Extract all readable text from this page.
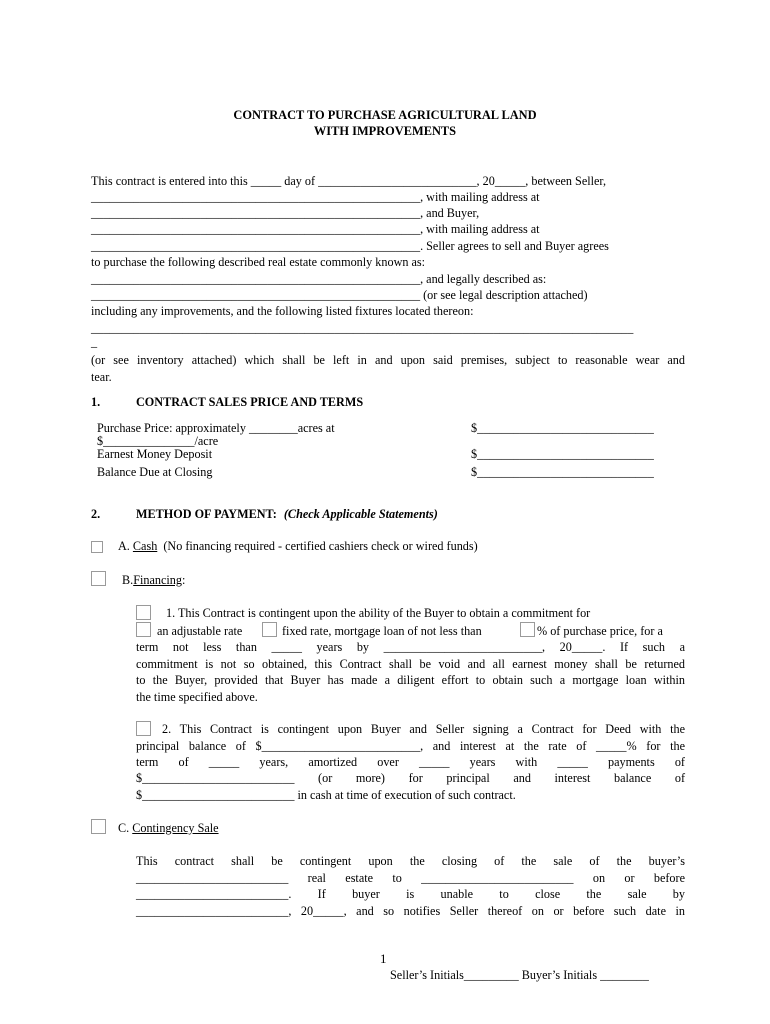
CONTRACT TO PURCHASE AGRICULTURAL LAND
WITH IMPROVEMENTS
This contract is entered into this _____ day of __________________________, 20_____, between Seller,
______________________________________________________, with mailing address at
______________________________________________________, and Buyer,
______________________________________________________, with mailing address at
______________________________________________________. Seller agrees to sell and Buyer agrees
to purchase the following described real estate commonly known as:
______________________________________________________, and legally described as:
______________________________________________________ (or see legal description attached)
including any improvements, and the following listed fixtures located thereon:
_________________________________________________________________________________________
_
(or see inventory attached) which shall be left in and upon said premises, subject to reasonable wear and
tear.
1.	CONTRACT SALES PRICE AND TERMS
Purchase Price: approximately ________acres at	$_____________________________
$_______________/acre
Earnest Money Deposit	$_____________________________
Balance Due at Closing	$_____________________________
2.	METHOD OF PAYMENT: (Check Applicable Statements)
A. Cash (No financing required - certified cashiers check or wired funds)
B.Financing:
1. This Contract is contingent upon the ability of the Buyer to obtain a commitment for
an adjustable rate	fixed rate, mortgage loan of not less than	% of purchase price, for a
term not less than _____ years by __________________________, 20_____. If such a
commitment is not so obtained, this Contract shall be void and all earnest money shall be returned
to the Buyer, provided that Buyer has made a diligent effort to obtain such a mortgage loan within
the time specified above.
2. This Contract is contingent upon Buyer and Seller signing a Contract for Deed with the
principal balance of $__________________________, and interest at the rate of _____% for the
term of _____ years, amortized over _____ years with _____ payments of
$_________________________ (or more) for principal and interest balance of
$_________________________ in cash at time of execution of such contract.
C. Contingency Sale
This contract shall be contingent upon the closing of the sale of the buyer’s
_________________________ real estate to _________________________ on or before
_________________________. If buyer is unable to close the sale by
_________________________, 20_____, and so notifies Seller thereof on or before such date in
1
Seller’s Initials_________ Buyer’s Initials ________
